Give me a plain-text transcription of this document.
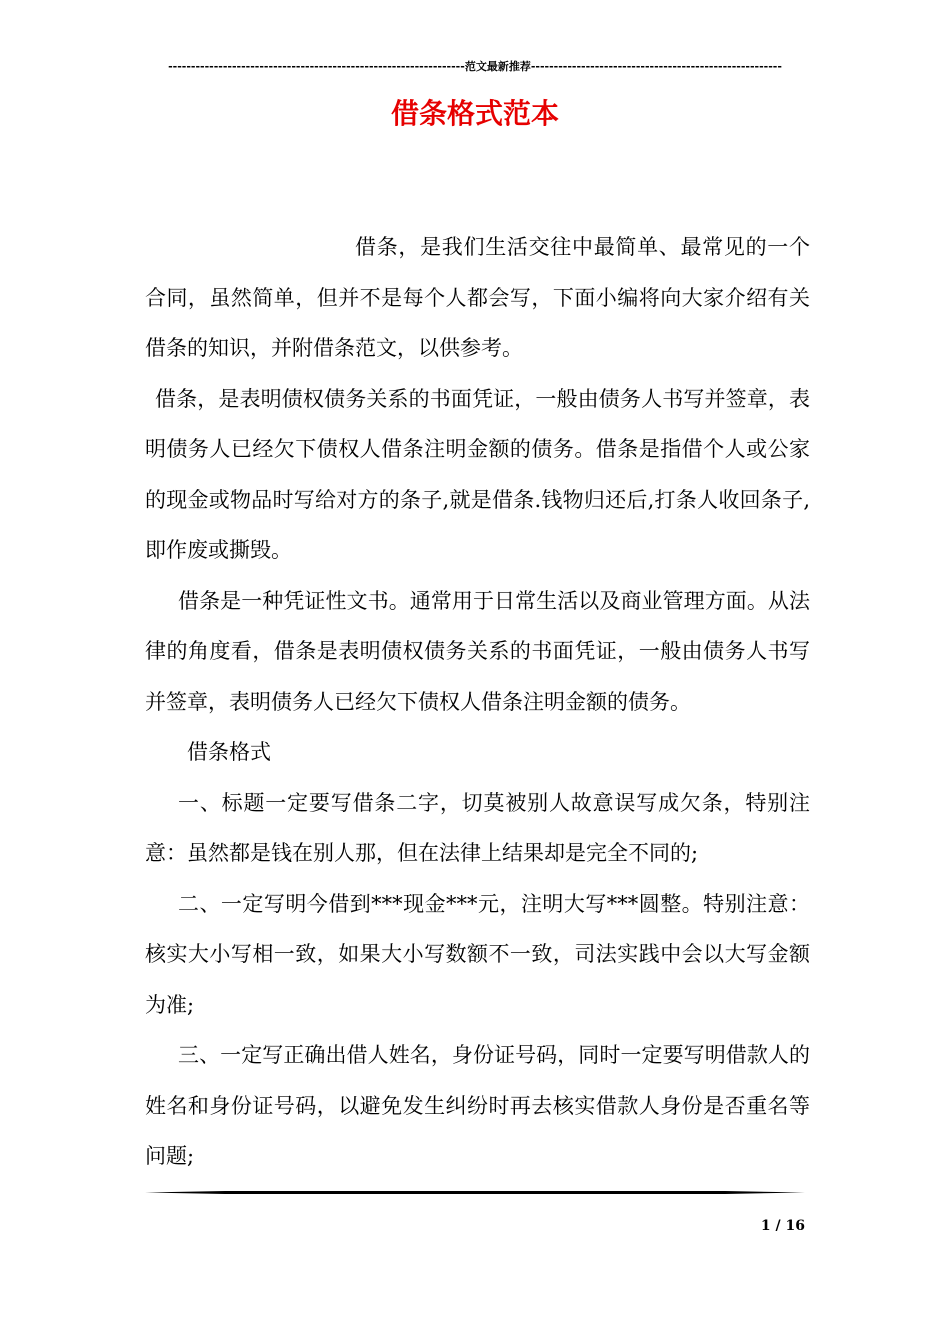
-----------------------------------------------------------------范文最新推荐-------------------------------------------------------
借条格式范本

借条，是我们生活交往中最简单、最常见的一个合同，虽然简单，但并不是每个人都会写，下面小编将向大家介绍有关借条的知识，并附借条范文，以供参考。

借条，是表明债权债务关系的书面凭证，一般由债务人书写并签章，表明债务人已经欠下债权人借条注明金额的债务。借条是指借个人或公家的现金或物品时写给对方的条子,就是借条.钱物归还后,打条人收回条子,即作废或撕毁。

借条是一种凭证性文书。通常用于日常生活以及商业管理方面。从法律的角度看，借条是表明债权债务关系的书面凭证，一般由债务人书写并签章，表明债务人已经欠下债权人借条注明金额的债务。

借条格式

一、标题一定要写借条二字，切莫被别人故意误写成欠条，特别注意：虽然都是钱在别人那，但在法律上结果却是完全不同的;

二、一定写明今借到***现金***元，注明大写***圆整。特别注意：核实大小写相一致，如果大小写数额不一致，司法实践中会以大写金额为准;

三、一定写正确出借人姓名，身份证号码，同时一定要写明借款人的姓名和身份证号码，以避免发生纠纷时再去核实借款人身份是否重名等问题;

1 / 16
